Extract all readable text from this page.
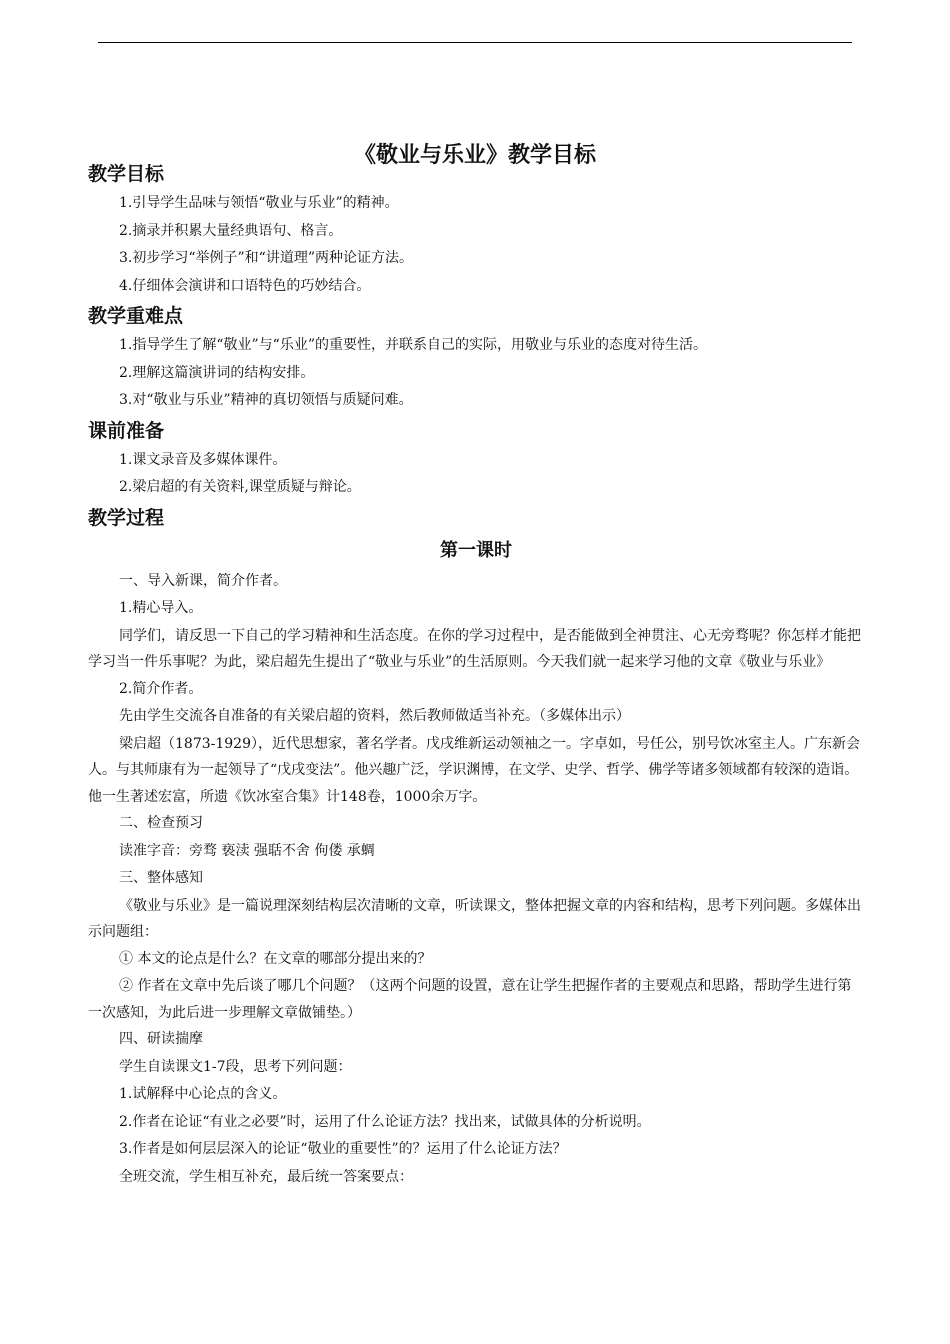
《敬业与乐业》教学目标
教学目标

1.引导学生品味与领悟“敬业与乐业”的精神。

2.摘录并积累大量经典语句、格言。

3.初步学习“举例子”和“讲道理”两种论证方法。

4.仔细体会演讲和口语特色的巧妙结合。

教学重难点

1.指导学生了解“敬业”与“乐业”的重要性，并联系自己的实际，用敬业与乐业的态度对待生活。

2.理解这篇演讲词的结构安排。

3.对“敬业与乐业”精神的真切领悟与质疑问难。

课前准备

1.课文录音及多媒体课件。

2.梁启超的有关资料,课堂质疑与辩论。

教学过程
第一课时

一、导入新课，简介作者。

1.精心导入。

同学们，请反思一下自己的学习精神和生活态度。在你的学习过程中，是否能做到全神贯注、心无旁骛呢？你怎样才能把学习当一件乐事呢？为此，梁启超先生提出了“敬业与乐业”的生活原则。今天我们就一起来学习他的文章《敬业与乐业》

2.简介作者。

先由学生交流各自准备的有关梁启超的资料，然后教师做适当补充。（多媒体出示）

梁启超（1873-1929），近代思想家，著名学者。戊戌维新运动领袖之一。字卓如，号任公，别号饮冰室主人。广东新会人。与其师康有为一起领导了“戊戌变法”。他兴趣广泛，学识渊博，在文学、史学、哲学、佛学等诸多领域都有较深的造诣。他一生著述宏富，所遗《饮冰室合集》计148卷，1000余万字。

二、检查预习

读准字音：旁骛 亵渎 强聒不舍 佝偻 承蜩

三、整体感知

《敬业与乐业》是一篇说理深刻结构层次清晰的文章，听读课文，整体把握文章的内容和结构，思考下列问题。多媒体出示问题组：

① 本文的论点是什么？在文章的哪部分提出来的？

② 作者在文章中先后谈了哪几个问题？（这两个问题的设置，意在让学生把握作者的主要观点和思路，帮助学生进行第一次感知，为此后进一步理解文章做铺垫。）

四、研读揣摩

学生自读课文1-7段，思考下列问题：

1.试解释中心论点的含义。

2.作者在论证“有业之必要”时，运用了什么论证方法？找出来，试做具体的分析说明。

3.作者是如何层层深入的论证“敬业的重要性”的？运用了什么论证方法？

全班交流，学生相互补充，最后统一答案要点：
